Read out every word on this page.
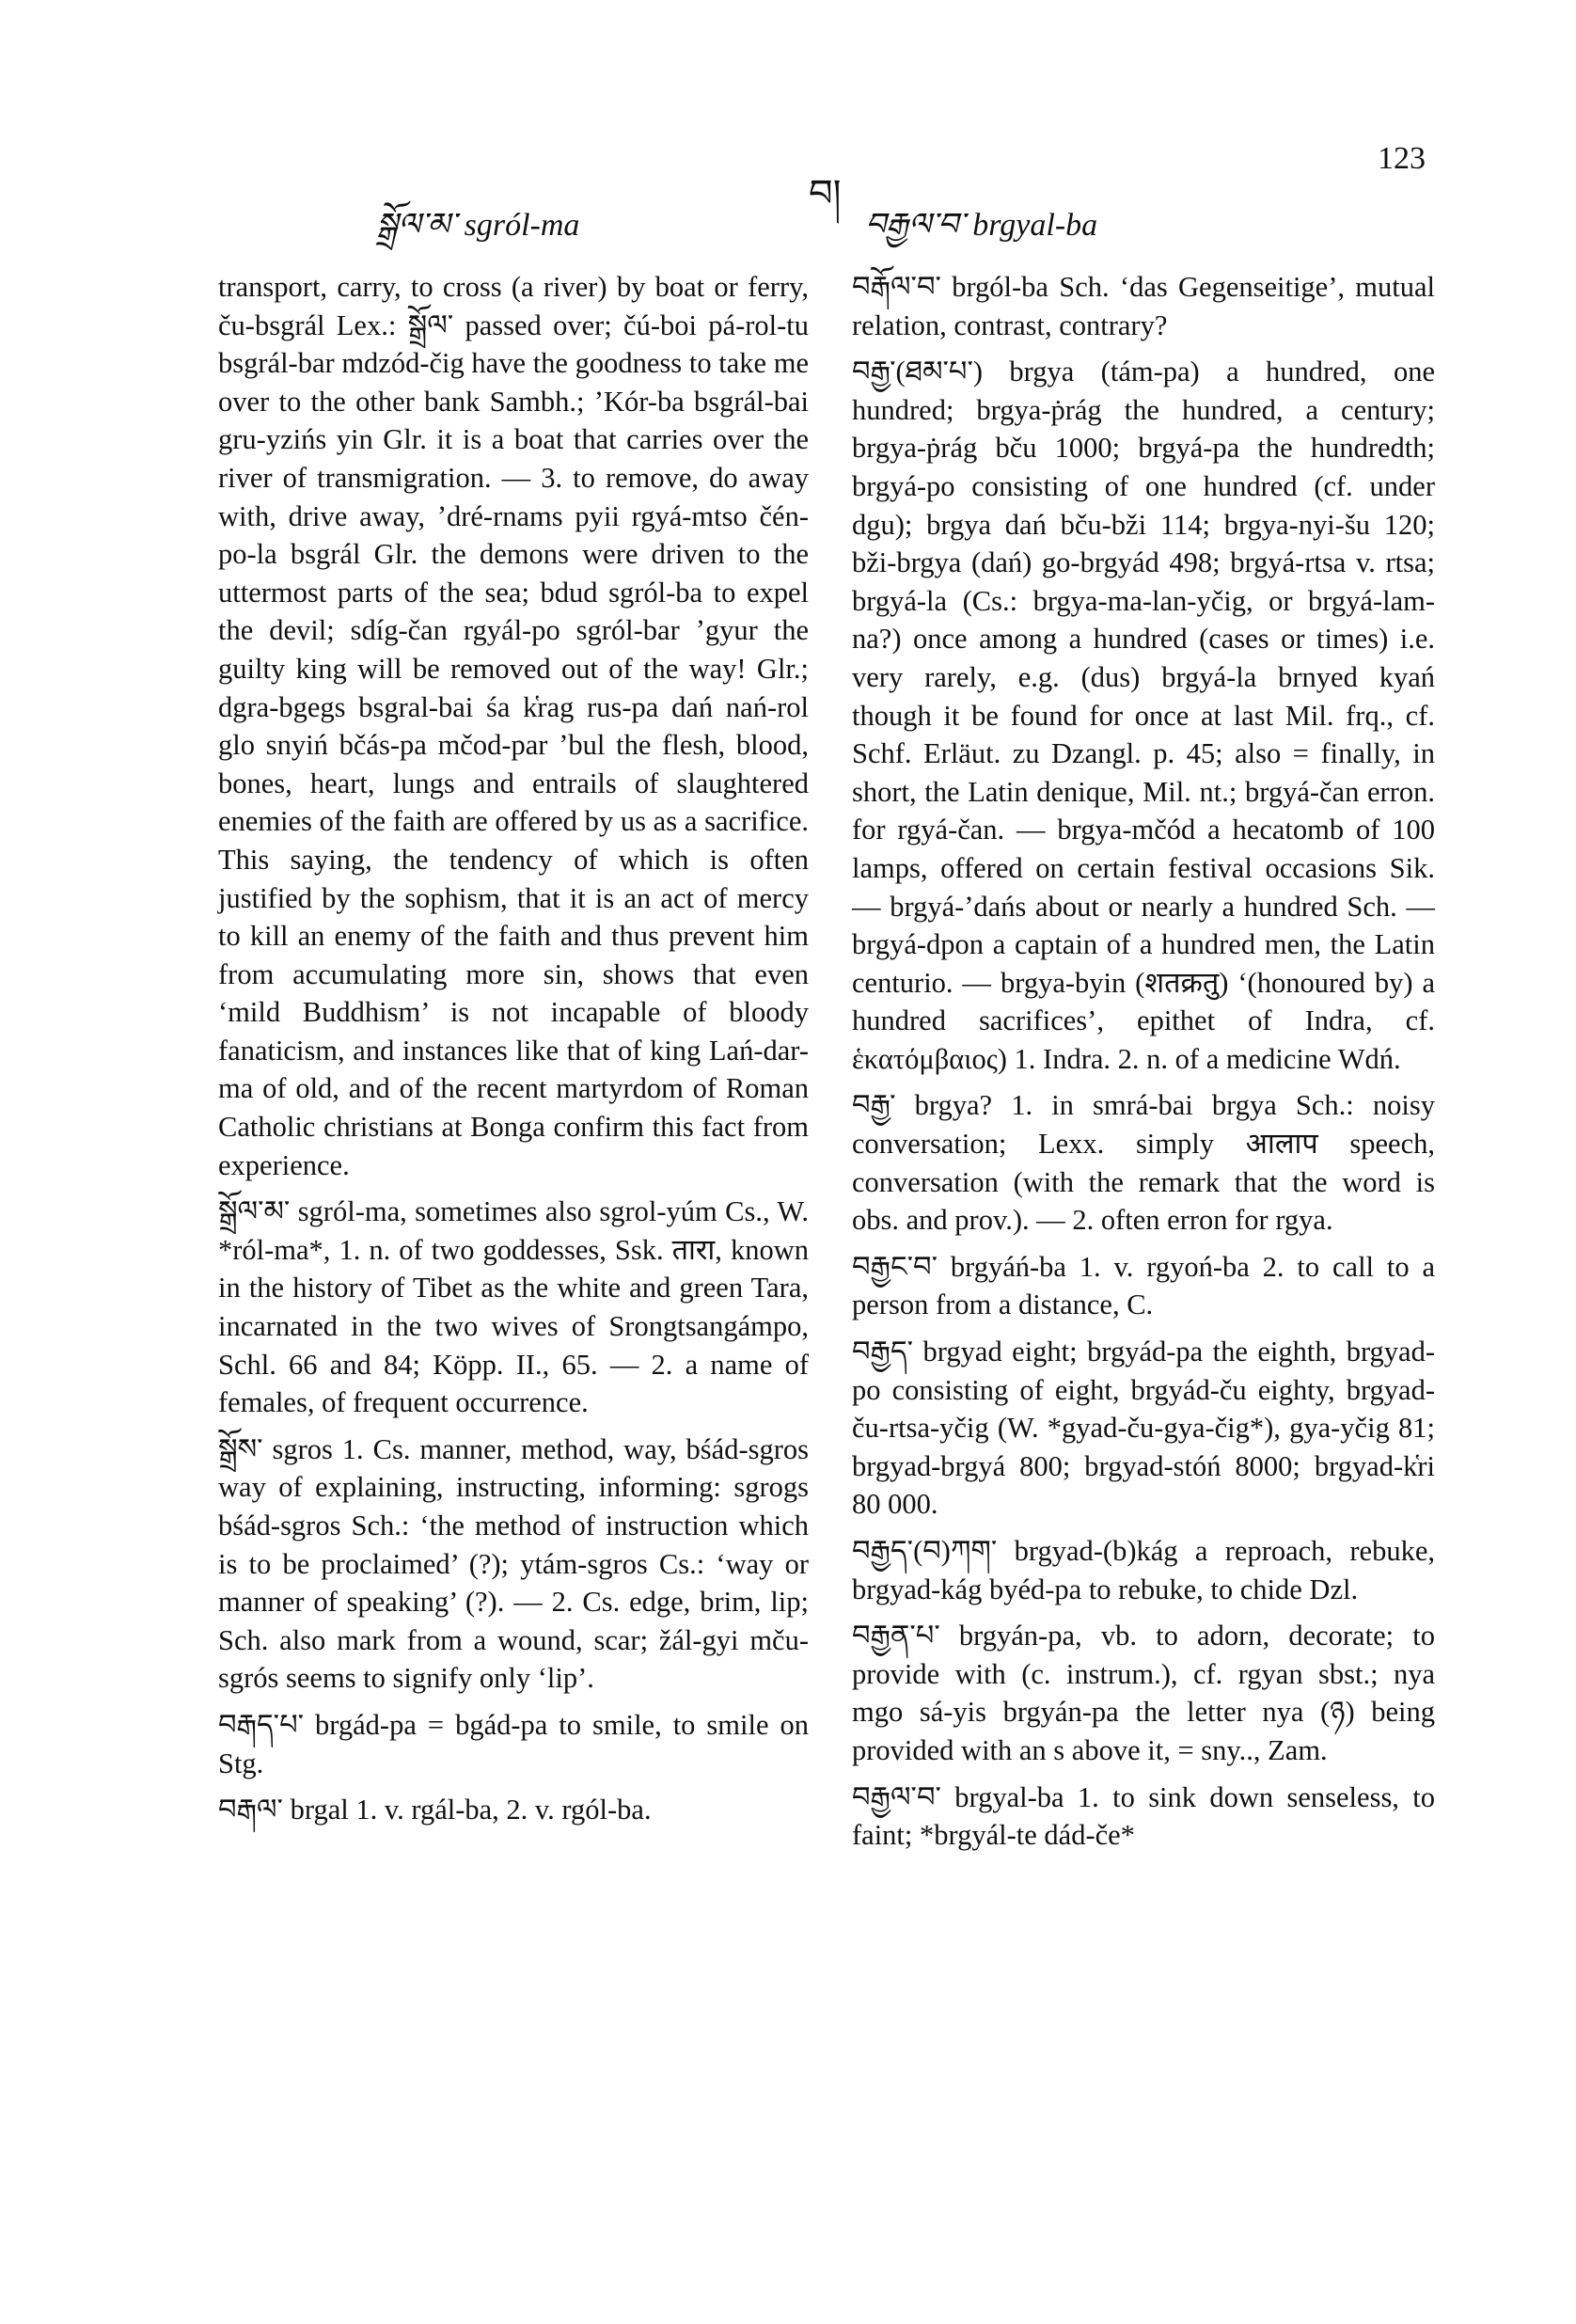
སྒྲོལ་མ་ sgról-ma
བ།
བརྒྱལ་བ་ brgyal-ba
123

transport, carry, to cross (a river) by boat or ferry, ču-bsgrál Lex.: སྒྲོལ་ passed over; čú-boi pá-rol-tu bsgrál-bar mdzód-čig have the goodness to take me over to the other bank Sambh.; ʼKór-ba bsgrál-bai gru-yzińs yin Glr. it is a boat that carries over the river of transmigration. — 3. to remove, do away with, drive away, ʼdré-rnams pyii rgyá-mtso čén-po-la bsgrál Glr. the demons were driven to the uttermost parts of the sea; bdud sgról-ba to expel the devil; sdíg-čan rgyál-po sgról-bar ʼgyur the guilty king will be removed out of the way! Glr.; dgra-bgegs bsgral-bai śa k̔rag rus-pa dań nań-rol glo snyiń bčás-pa mčod-par ʼbul the flesh, blood, bones, heart, lungs and entrails of slaughtered enemies of the faith are offered by us as a sacrifice. This saying, the tendency of which is often justified by the sophism, that it is an act of mercy to kill an enemy of the faith and thus prevent him from accumulating more sin, shows that even ‘mild Buddhism’ is not incapable of bloody fanaticism, and instances like that of king Lań-dar-ma of old, and of the recent martyrdom of Roman Catholic christians at Bonga confirm this fact from experience.

སྒྲོལ་མ་ sgról-ma, sometimes also sgrol-yúm Cs., W. *ról-ma*, 1. n. of two goddesses, Ssk. तारा, known in the history of Tibet as the white and green Tara, incarnated in the two wives of Srongtsangámpo, Schl. 66 and 84; Köpp. II., 65. — 2. a name of females, of frequent occurrence.

སྒྲོས་ sgros 1. Cs. manner, method, way, bśád-sgros way of explaining, instructing, informing: sgrogs bśád-sgros Sch.: ‘the method of instruction which is to be proclaimed’ (?); ytám-sgros Cs.: ‘way or manner of speaking’ (?). — 2. Cs. edge, brim, lip; Sch. also mark from a wound, scar; žál-gyi mču-sgrós seems to signify only ‘lip’.

བརྒད་པ་ brgád-pa = bgád-pa to smile, to smile on Stg.

བརྒལ་ brgal 1. v. rgál-ba, 2. v. rgól-ba.

བརྒོལ་བ་ brgól-ba Sch. ‘das Gegenseitige’, mutual relation, contrast, contrary?

བརྒྱ་(ཐམ་པ་) brgya (tám-pa) a hundred, one hundred; brgya-ṗrág the hundred, a century; brgya-ṗrág bču 1000; brgyá-pa the hundredth; brgyá-po consisting of one hundred (cf. under dgu); brgya dań bču-bži 114; brgya-nyi-šu 120; bži-brgya (dań) go-brgyád 498; brgyá-rtsa v. rtsa; brgyá-la (Cs.: brgya-ma-lan-yčig, or brgyá-lam-na?) once among a hundred (cases or times) i.e. very rarely, e.g. (dus) brgyá-la brnyed kyań though it be found for once at last Mil. frq., cf. Schf. Erläut. zu Dzangl. p. 45; also = finally, in short, the Latin denique, Mil. nt.; brgyá-čan erron. for rgyá-čan. — brgya-mčód a hecatomb of 100 lamps, offered on certain festival occasions Sik. — brgyá-ʼdańs about or nearly a hundred Sch. — brgyá-dpon a captain of a hundred men, the Latin centurio. — brgya-byin (शतक्रतु) ‘(honoured by) a hundred sacrifices’, epithet of Indra, cf. ἑκατόμβαιος) 1. Indra. 2. n. of a medicine Wdń.

བརྒྱ་ brgya? 1. in smrá-bai brgya Sch.: noisy conversation; Lexx. simply आलाप speech, conversation (with the remark that the word is obs. and prov.). — 2. often erron for rgya.

བརྒྱང་བ་ brgyáń-ba 1. v. rgyoń-ba 2. to call to a person from a distance, C.

བརྒྱད་ brgyad eight; brgyád-pa the eighth, brgyad-po consisting of eight, brgyád-ču eighty, brgyad-ču-rtsa-yčig (W. *gyad-ču-gya-čig*), gya-yčig 81; brgyad-brgyá 800; brgyad-stóń 8000; brgyad-k̔ri 80 000.

བརྒྱད་(བ)ཀག་ brgyad-(b)kág a reproach, rebuke, brgyad-kág byéd-pa to rebuke, to chide Dzl.

བརྒྱན་པ་ brgyán-pa, vb. to adorn, decorate; to provide with (c. instrum.), cf. rgyan sbst.; nya mgo sá-yis brgyán-pa the letter nya (ཉ) being provided with an s above it, = sny.., Zam.

བརྒྱལ་བ་ brgyal-ba 1. to sink down senseless, to faint; *brgyál-te dád-če*
